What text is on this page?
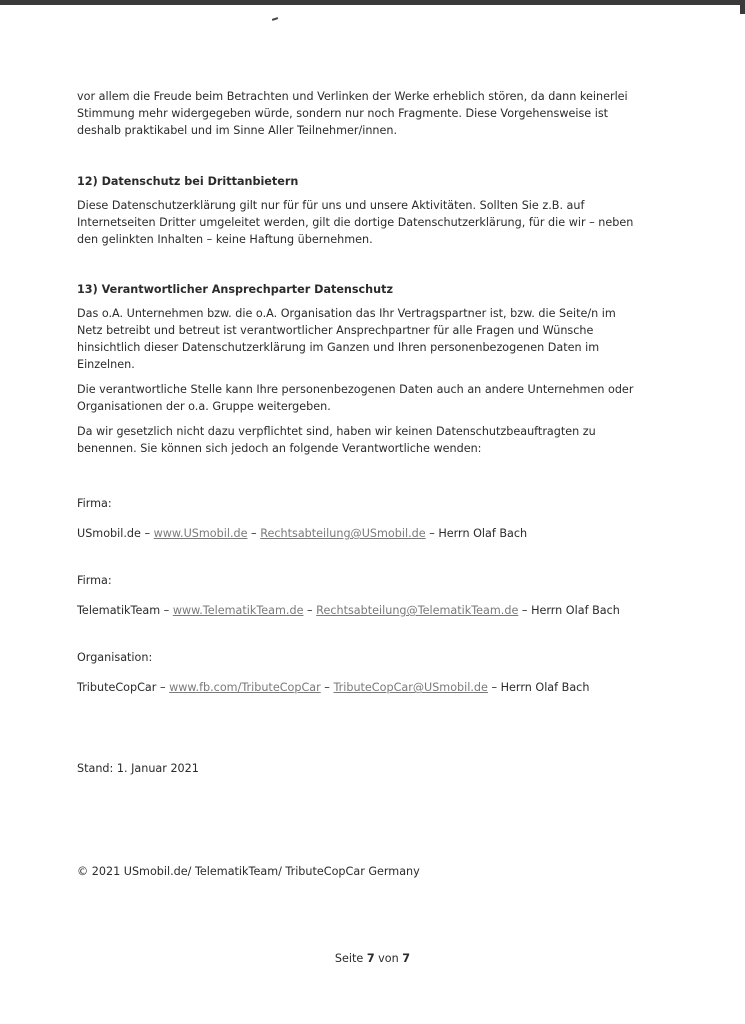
vor allem die Freude beim Betrachten und Verlinken der Werke erheblich stören, da dann keinerlei Stimmung mehr widergegeben würde, sondern nur noch Fragmente. Diese Vorgehensweise ist deshalb praktikabel und im Sinne Aller Teilnehmer/innen.

12) Datenschutz bei Drittanbietern

Diese Datenschutzerklärung gilt nur für für uns und unsere Aktivitäten. Sollten Sie z.B. auf Internetseiten Dritter umgeleitet werden, gilt die dortige Datenschutzerklärung, für die wir – neben den gelinkten Inhalten – keine Haftung übernehmen.

13) Verantwortlicher Ansprechparter Datenschutz

Das o.A. Unternehmen bzw. die o.A. Organisation das Ihr Vertragspartner ist, bzw. die Seite/n im Netz betreibt und betreut ist verantwortlicher Ansprechpartner für alle Fragen und Wünsche hinsichtlich dieser Datenschutzerklärung im Ganzen und Ihren personenbezogenen Daten im Einzelnen.

Die verantwortliche Stelle kann Ihre personenbezogenen Daten auch an andere Unternehmen oder Organisationen der o.a. Gruppe weitergeben.

Da wir gesetzlich nicht dazu verpflichtet sind, haben wir keinen Datenschutzbeauftragten zu benennen. Sie können sich jedoch an folgende Verantwortliche wenden:

Firma:

USmobil.de – www.USmobil.de – Rechtsabteilung@USmobil.de – Herrn Olaf Bach

Firma:

TelematikTeam – www.TelematikTeam.de – Rechtsabteilung@TelematikTeam.de – Herrn Olaf Bach

Organisation:

TributeCopCar – www.fb.com/TributeCopCar – TributeCopCar@USmobil.de – Herrn Olaf Bach

Stand: 1. Januar 2021

© 2021 USmobil.de/ TelematikTeam/ TributeCopCar Germany

Seite 7 von 7
